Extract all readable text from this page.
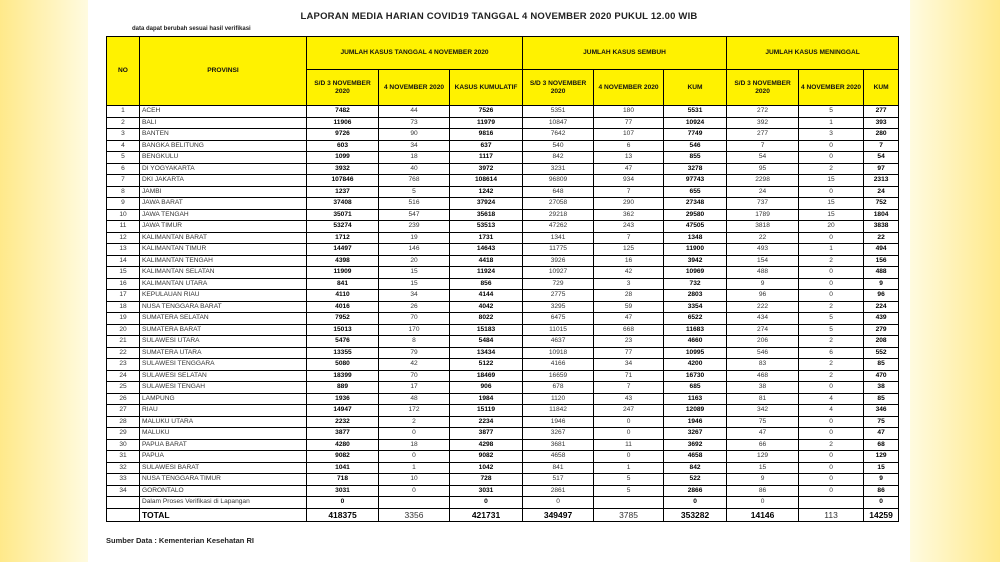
LAPORAN MEDIA HARIAN COVID19 TANGGAL 4 NOVEMBER 2020 PUKUL 12.00 WIB
data dapat berubah sesuai hasil verifikasi
NO	PROVINSI	JUMLAH KASUS TANGGAL 4 NOVEMBER 2020			JUMLAH KASUS SEMBUH			JUMLAH KASUS MENINGGAL		
		S/D 3 NOVEMBER 2020	4 NOVEMBER 2020	KASUS KUMULATIF	S/D 3 NOVEMBER 2020	4 NOVEMBER 2020	KUM	S/D 3 NOVEMBER 2020	4 NOVEMBER 2020	KUM
1	ACEH	7482	44	7526	5351	180	5531	272	5	277
2	BALI	11906	73	11979	10847	77	10924	392	1	393
3	BANTEN	9726	90	9816	7642	107	7749	277	3	280
4	BANGKA BELITUNG	603	34	637	540	6	546	7	0	7
5	BENGKULU	1099	18	1117	842	13	855	54	0	54
6	DI YOGYAKARTA	3932	40	3972	3231	47	3278	95	2	97
7	DKI JAKARTA	107846	768	108614	96809	934	97743	2298	15	2313
8	JAMBI	1237	5	1242	648	7	655	24	0	24
9	JAWA BARAT	37408	516	37924	27058	290	27348	737	15	752
10	JAWA TENGAH	35071	547	35618	29218	362	29580	1789	15	1804
11	JAWA TIMUR	53274	239	53513	47262	243	47505	3818	20	3838
12	KALIMANTAN BARAT	1712	19	1731	1341	7	1348	22	0	22
13	KALIMANTAN TIMUR	14497	146	14643	11775	125	11900	493	1	494
14	KALIMANTAN TENGAH	4398	20	4418	3926	16	3942	154	2	156
15	KALIMANTAN SELATAN	11909	15	11924	10927	42	10969	488	0	488
16	KALIMANTAN UTARA	841	15	856	729	3	732	9	0	9
17	KEPULAUAN RIAU	4110	34	4144	2775	28	2803	96	0	96
18	NUSA TENGGARA BARAT	4016	26	4042	3295	59	3354	222	2	224
19	SUMATERA SELATAN	7952	70	8022	6475	47	6522	434	5	439
20	SUMATERA BARAT	15013	170	15183	11015	668	11683	274	5	279
21	SULAWESI UTARA	5476	8	5484	4637	23	4660	206	2	208
22	SUMATERA UTARA	13355	79	13434	10918	77	10995	546	6	552
23	SULAWESI TENGGARA	5080	42	5122	4166	34	4200	83	2	85
24	SULAWESI SELATAN	18399	70	18469	16659	71	16730	468	2	470
25	SULAWESI TENGAH	889	17	906	678	7	685	38	0	38
26	LAMPUNG	1936	48	1984	1120	43	1163	81	4	85
27	RIAU	14947	172	15119	11842	247	12089	342	4	346
28	MALUKU UTARA	2232	2	2234	1946	0	1946	75	0	75
29	MALUKU	3877	0	3877	3267	0	3267	47	0	47
30	PAPUA BARAT	4280	18	4298	3681	11	3692	66	2	68
31	PAPUA	9082	0	9082	4658	0	4658	129	0	129
32	SULAWESI BARAT	1041	1	1042	841	1	842	15	0	15
33	NUSA TENGGARA TIMUR	718	10	728	517	5	522	9	0	9
34	GORONTALO	3031	0	3031	2861	5	2866	86	0	86
	Dalam Proses Verifikasi di Lapangan	0		0	0		0	0		0
	TOTAL	418375	3356	421731	349497	3785	353282	14146	113	14259
Sumber Data : Kementerian Kesehatan RI
